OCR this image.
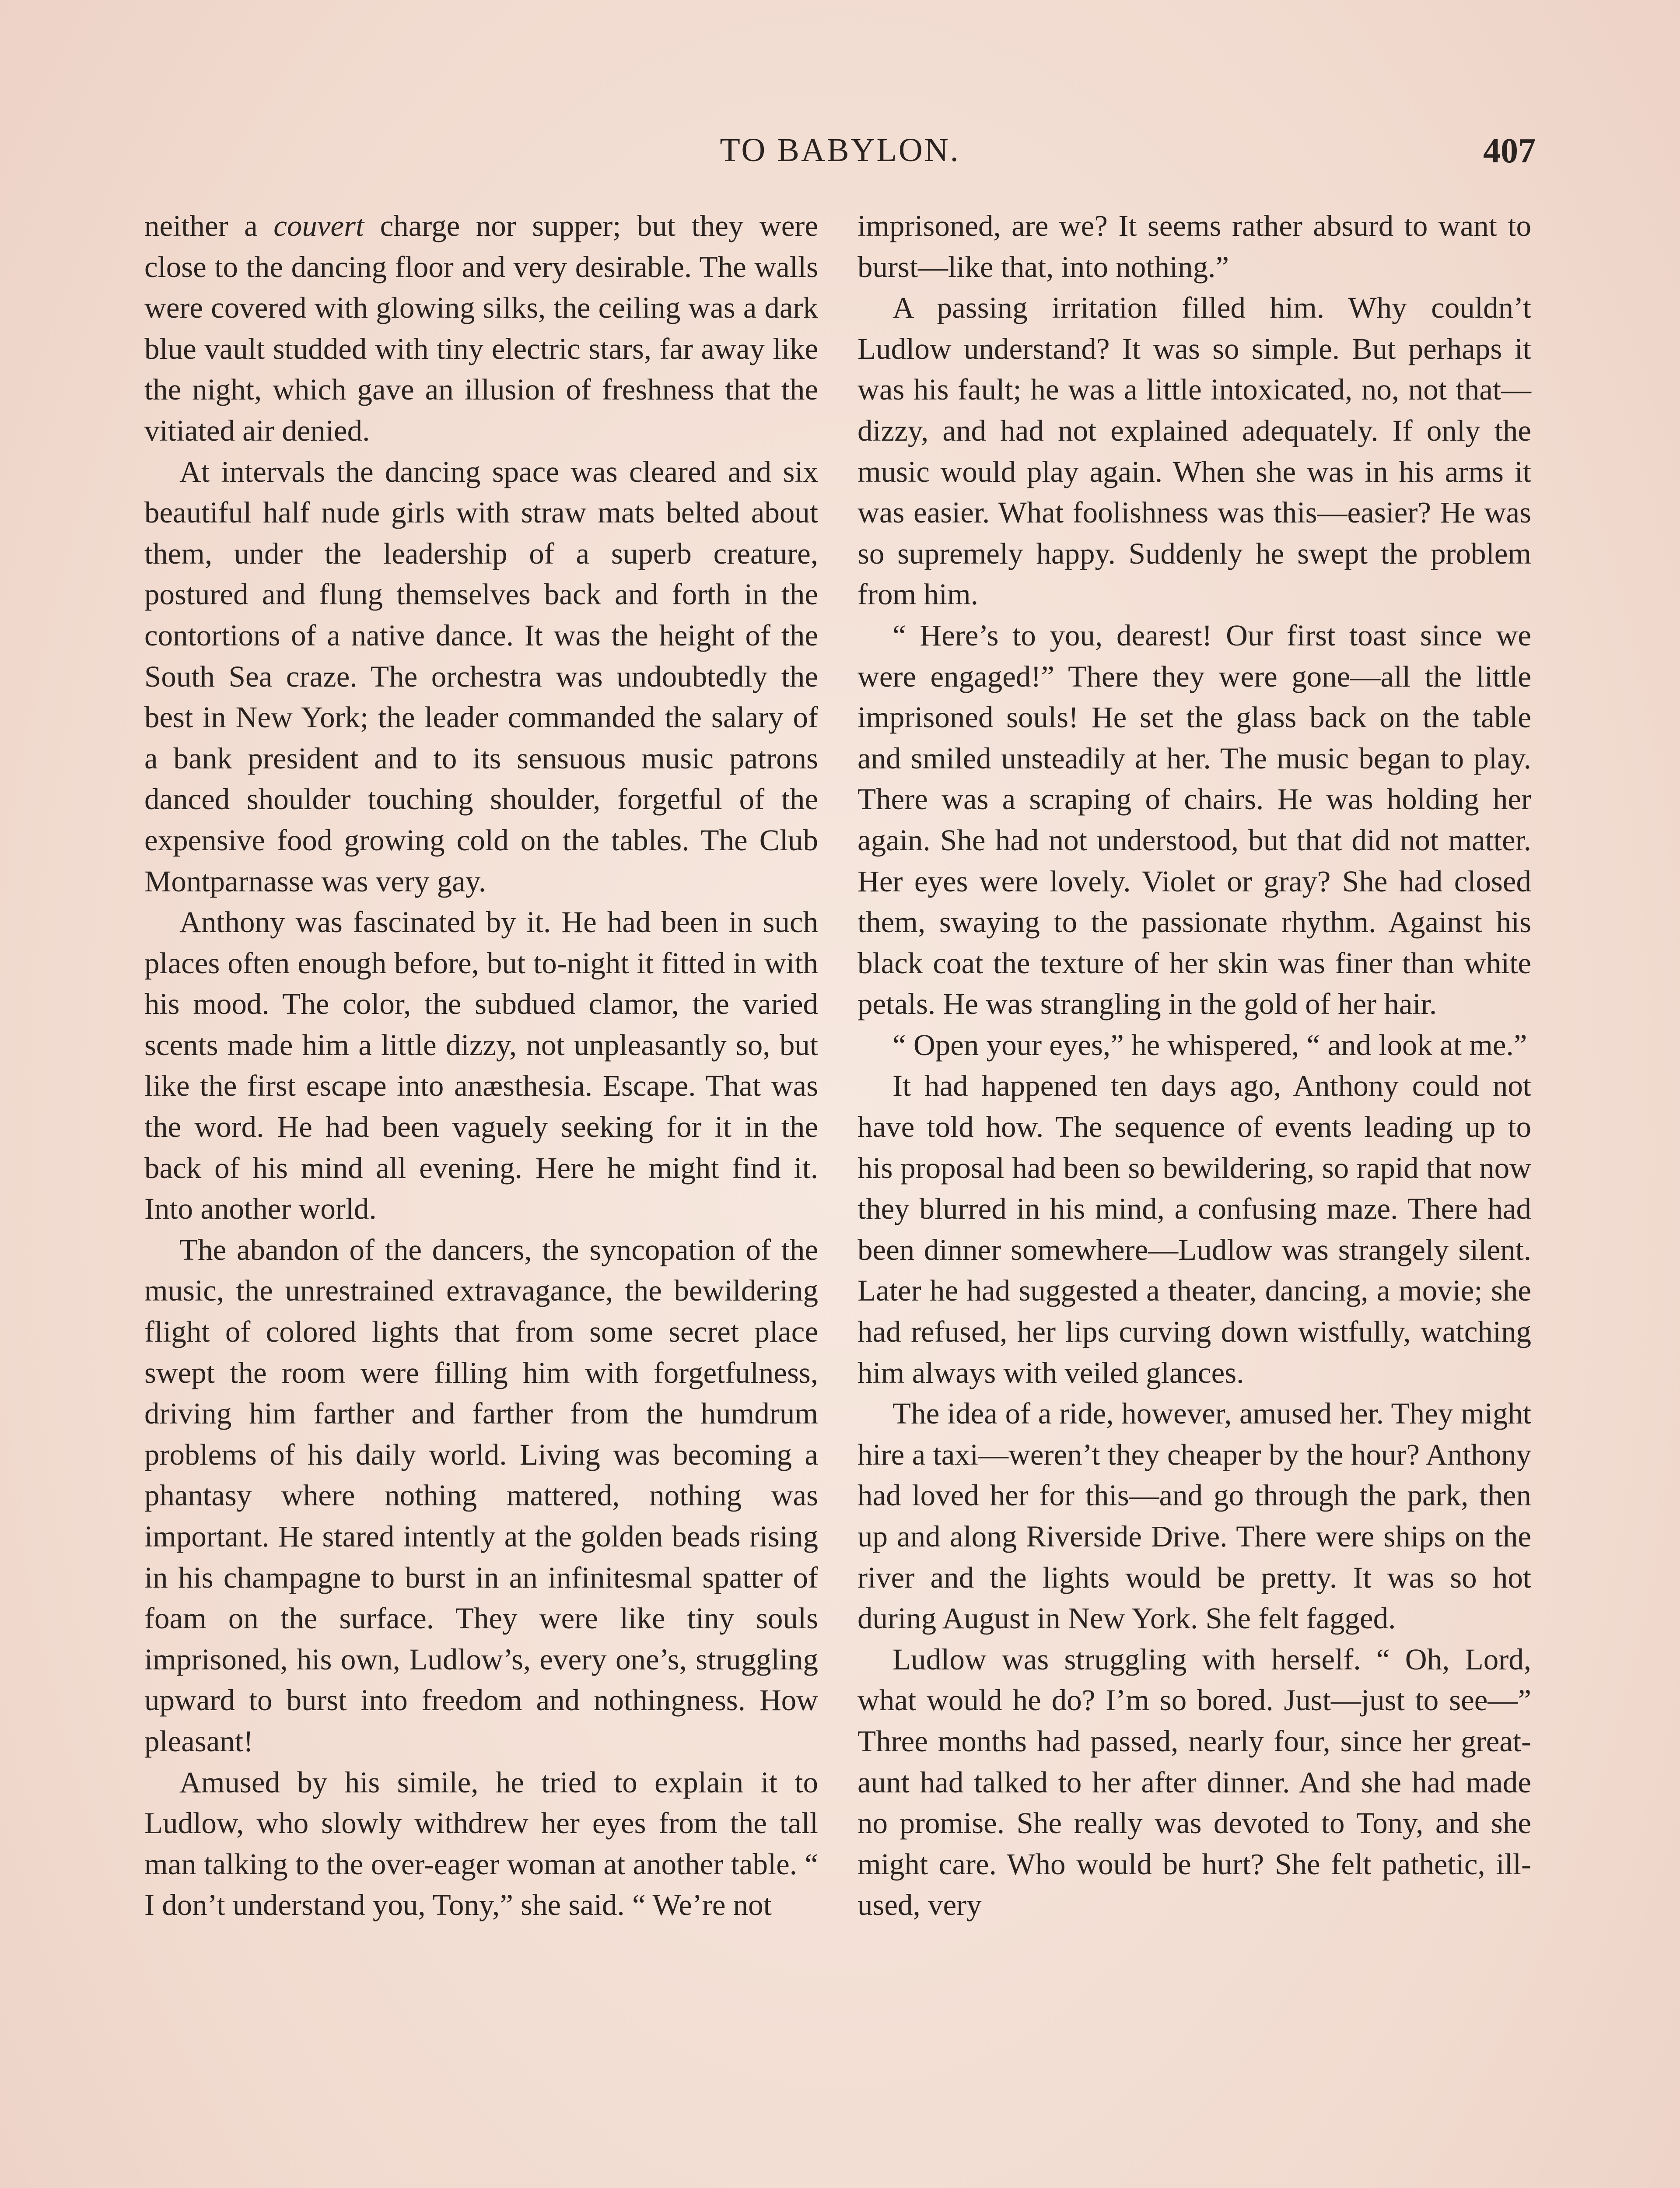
TO BABYLON.	407

neither a couvert charge nor supper; but they were close to the dancing floor and very desirable. The walls were covered with glowing silks, the ceiling was a dark blue vault studded with tiny electric stars, far away like the night, which gave an illusion of freshness that the vitiated air denied.

At intervals the dancing space was cleared and six beautiful half nude girls with straw mats belted about them, under the leadership of a superb creature, postured and flung themselves back and forth in the contortions of a native dance. It was the height of the South Sea craze. The orchestra was undoubtedly the best in New York; the leader commanded the salary of a bank president and to its sensuous music patrons danced shoulder touching shoulder, forgetful of the expensive food growing cold on the tables. The Club Montparnasse was very gay.

Anthony was fascinated by it. He had been in such places often enough before, but to-night it fitted in with his mood. The color, the subdued clamor, the varied scents made him a little dizzy, not unpleasantly so, but like the first escape into anæsthesia. Escape. That was the word. He had been vaguely seeking for it in the back of his mind all evening. Here he might find it. Into another world.

The abandon of the dancers, the syncopation of the music, the unrestrained extravagance, the bewildering flight of colored lights that from some secret place swept the room were filling him with forgetfulness, driving him farther and farther from the humdrum problems of his daily world. Living was becoming a phantasy where nothing mattered, nothing was important. He stared intently at the golden beads rising in his champagne to burst in an infinitesmal spatter of foam on the surface. They were like tiny souls imprisoned, his own, Ludlow’s, every one’s, struggling upward to burst into freedom and nothingness. How pleasant!

Amused by his simile, he tried to explain it to Ludlow, who slowly withdrew her eyes from the tall man talking to the over-eager woman at another table. “ I don’t understand you, Tony,” she said. “ We’re not

imprisoned, are we? It seems rather absurd to want to burst—like that, into nothing.”

A passing irritation filled him. Why couldn’t Ludlow understand? It was so simple. But perhaps it was his fault; he was a little intoxicated, no, not that—dizzy, and had not explained adequately. If only the music would play again. When she was in his arms it was easier. What foolishness was this—easier? He was so supremely happy. Suddenly he swept the problem from him.

“ Here’s to you, dearest! Our first toast since we were engaged!” There they were gone—all the little imprisoned souls! He set the glass back on the table and smiled unsteadily at her. The music began to play. There was a scraping of chairs. He was holding her again. She had not understood, but that did not matter. Her eyes were lovely. Violet or gray? She had closed them, swaying to the passionate rhythm. Against his black coat the texture of her skin was finer than white petals. He was strangling in the gold of her hair.

“ Open your eyes,” he whispered, “ and look at me.”

It had happened ten days ago, Anthony could not have told how. The sequence of events leading up to his proposal had been so bewildering, so rapid that now they blurred in his mind, a confusing maze. There had been dinner somewhere—Ludlow was strangely silent. Later he had suggested a theater, dancing, a movie; she had refused, her lips curving down wistfully, watching him always with veiled glances.

The idea of a ride, however, amused her. They might hire a taxi—weren’t they cheaper by the hour? Anthony had loved her for this—and go through the park, then up and along Riverside Drive. There were ships on the river and the lights would be pretty. It was so hot during August in New York. She felt fagged.

Ludlow was struggling with herself. “ Oh, Lord, what would he do? I’m so bored. Just—just to see—” Three months had passed, nearly four, since her great-aunt had talked to her after dinner. And she had made no promise. She really was devoted to Tony, and she might care. Who would be hurt? She felt pathetic, ill-used, very
